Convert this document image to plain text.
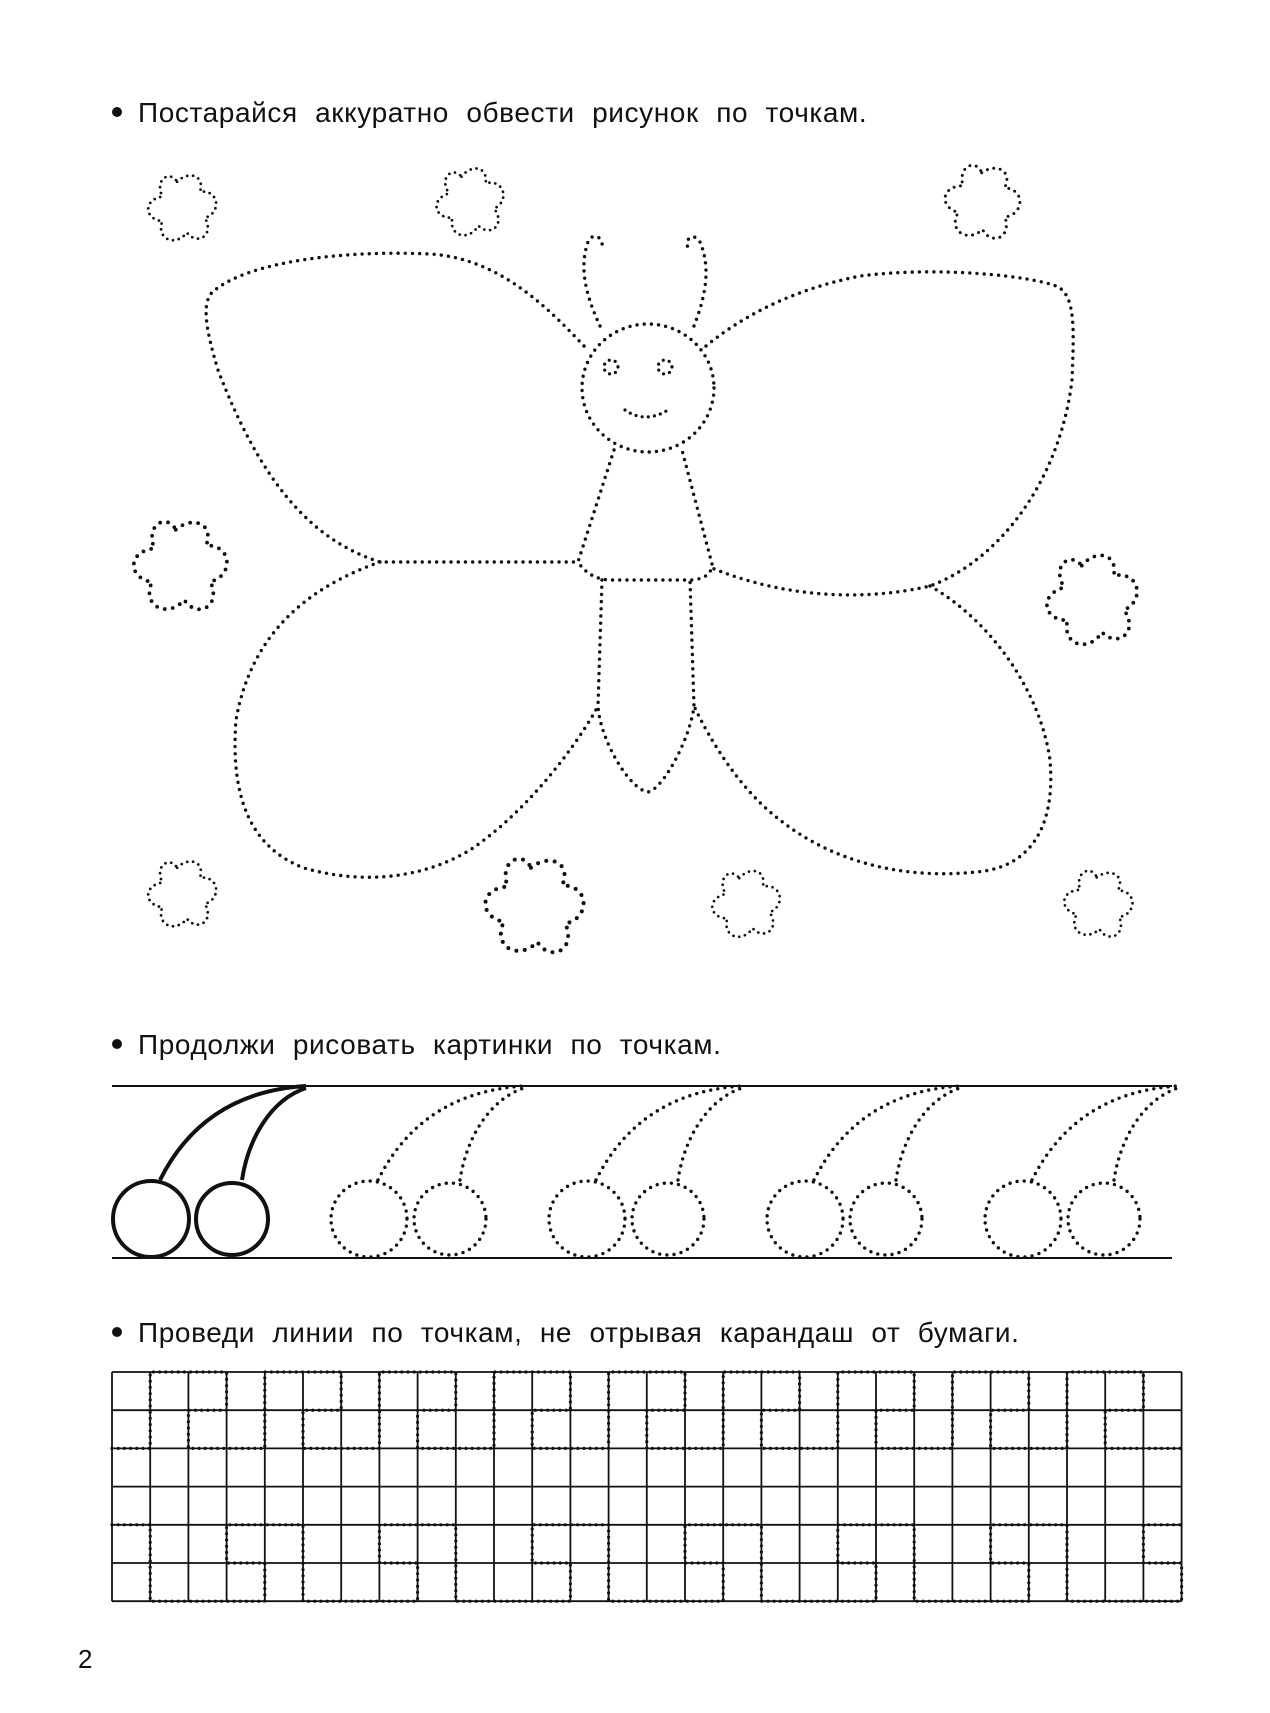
Постарайся аккуратно обвести рисунок по точкам.
Продолжи рисовать картинки по точкам.
Проведи линии по точкам, не отрывая карандаш от бумаги.
2
